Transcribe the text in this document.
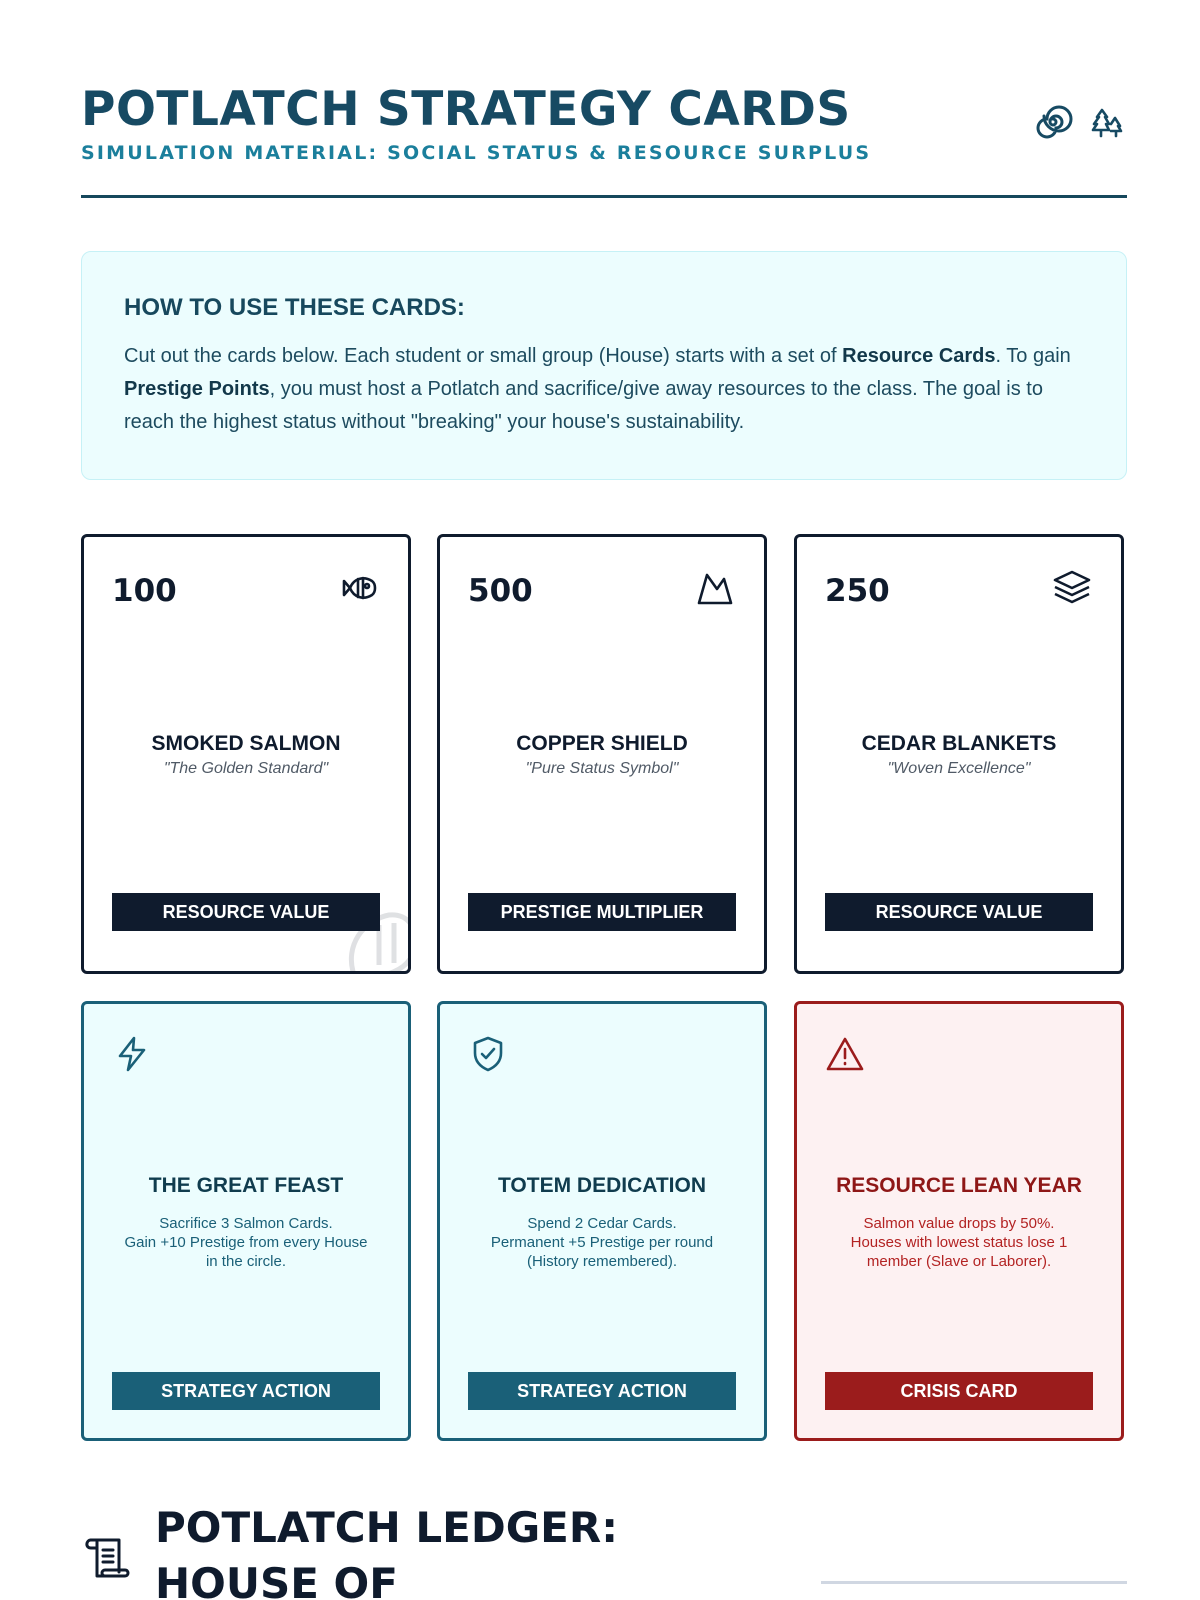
POTLATCH STRATEGY CARDS
SIMULATION MATERIAL: SOCIAL STATUS & RESOURCE SURPLUS
HOW TO USE THESE CARDS:
Cut out the cards below. Each student or small group (House) starts with a set of Resource Cards. To gain Prestige Points, you must host a Potlatch and sacrifice/give away resources to the class. The goal is to reach the highest status without "breaking" your house's sustainability.
100
SMOKED SALMON
"The Golden Standard"
RESOURCE VALUE
500
COPPER SHIELD
"Pure Status Symbol"
PRESTIGE MULTIPLIER
250
CEDAR BLANKETS
"Woven Excellence"
RESOURCE VALUE
THE GREAT FEAST
Sacrifice 3 Salmon Cards.
Gain +10 Prestige from every House
in the circle.
STRATEGY ACTION
TOTEM DEDICATION
Spend 2 Cedar Cards.
Permanent +5 Prestige per round
(History remembered).
STRATEGY ACTION
RESOURCE LEAN YEAR
Salmon value drops by 50%.
Houses with lowest status lose 1
member (Slave or Laborer).
CRISIS CARD
POTLATCH LEDGER: HOUSE OF
